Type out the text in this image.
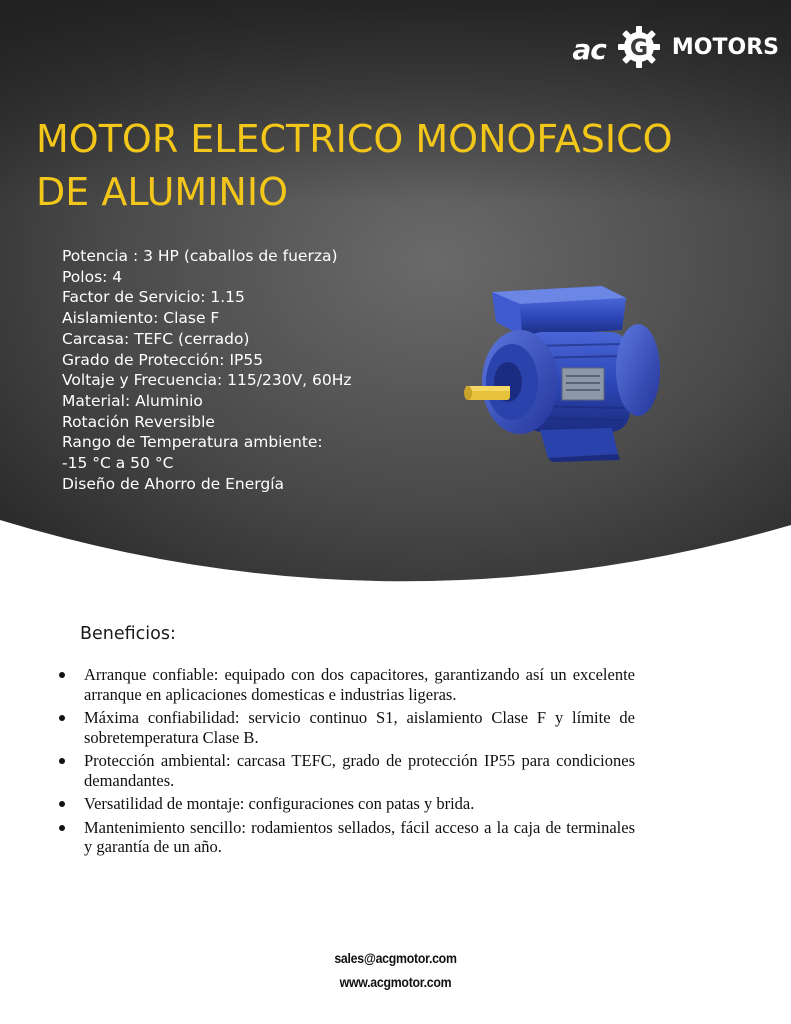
ac G MOTORS
MOTOR ELECTRICO MONOFASICO
DE ALUMINIO
Potencia : 3 HP (caballos de fuerza)
Polos: 4
Factor de Servicio: 1.15
Aislamiento: Clase F
Carcasa: TEFC (cerrado)
Grado de Protección: IP55
Voltaje y Frecuencia: 115/230V, 60Hz
Material: Aluminio
Rotación Reversible
Rango de Temperatura ambiente:
-15 °C a 50 °C
Diseño de Ahorro de Energía
Beneficios:
Arranque confiable: equipado con dos capacitores, garantizando así un excelente arranque en aplicaciones domesticas e industrias ligeras.
Máxima confiabilidad: servicio continuo S1, aislamiento Clase F y límite de sobretemperatura Clase B.
Protección ambiental: carcasa TEFC, grado de protección IP55 para condiciones demandantes.
Versatilidad de montaje: configuraciones con patas y brida.
Mantenimiento sencillo: rodamientos sellados, fácil acceso a la caja de terminales y garantía de un año.
sales@acgmotor.com
www.acgmotor.com
